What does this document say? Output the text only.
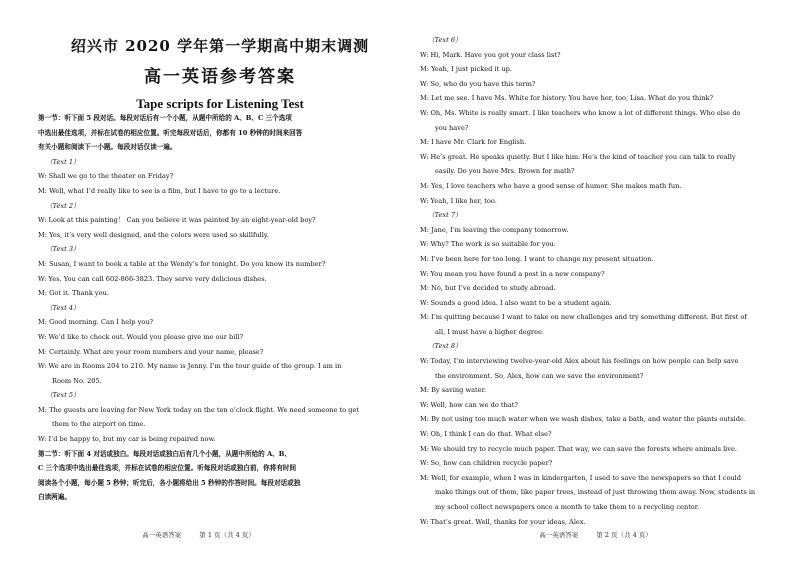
绍兴市 2020 学年第一学期高中期末调测
高一英语参考答案
Tape scripts for Listening Test
第一节：听下面 5 段对话。每段对话后有一个小题，从题中所给的 A、B、C 三个选项
中选出最佳选项，并标在试卷的相应位置。听完每段对话后，你都有 10 秒钟的时间来回答
有关小题和阅读下一小题。每段对话仅读一遍。
（Text 1）
W: Shall we go to the theater on Friday?
M: Well, what I’d really like to see is a film, but I have to go to a lecture.
（Text 2）
W: Look at this painting！ Can you believe it was painted by an eight-year-old boy?
M: Yes, it’s very well designed, and the colors were used so skillfully.
（Text 3）
M: Susan, I want to book a table at the Wendy’s for tonight. Do you know its number?
W: Yes. You can call 602-866-3823. They serve very delicious dishes.
M: Got it. Thank you.
（Text 4）
M: Good morning. Can I help you?
W: We’d like to check out. Would you please give me our bill?
M: Certainly. What are your room numbers and your name, please?
W: We are in Rooms 204 to 210. My name is Jenny. I’m the tour guide of the group. I am in
Room No. 205.
（Text 5）
M: The guests are leaving for New York today on the ten o’clock flight. We need someone to get
them to the airport on time.
W: I’d be happy to, but my car is being repaired now.
第二节：听下面 4 对话或独白。每段对话或独白后有几个小题，从题中所给的 A、B、
C 三个选项中选出最佳选项，并标在试卷的相应位置。听每段对话或独白前，你将有时间
阅读各个小题，每小题 5 秒钟；听完后，各小题将给出 5 秒钟的作答时间。每段对话或独
白读两遍。
高一英语答案	第 1 页（共 4 页）
（Text 6）
W: Hi, Mark. Have you got your class list?
M: Yeah, I just picked it up.
W: So, who do you have this term?
M: Let me see. I have Ms. White for history. You have her, too, Lisa. What do you think?
W: Oh, Ms. White is really smart. I like teachers who know a lot of different things. Who else do
you have?
M: I have Mr. Clark for English.
W: He’s great. He speaks quietly. But I like him. He’s the kind of teacher you can talk to really
easily. Do you have Mrs. Brown for math?
M: Yes, I love teachers who have a good sense of humor. She makes math fun.
W: Yeah, I like her, too.
（Text 7）
M: Jane, I’m leaving the company tomorrow.
W: Why? The work is so suitable for you.
M: I’ve been here for too long. I want to change my present situation.
W: You mean you have found a post in a new company?
M: No, but I’ve decided to study abroad.
W: Sounds a good idea. I also want to be a student again.
M: I’m quitting because I want to take on new challenges and try something different. But first of
all, I must have a higher degree.
（Text 8）
W: Today, I’m interviewing twelve-year-old Alex about his feelings on how people can help save
the environment. So, Alex, how can we save the environment?
M: By saving water.
W: Well, how can we do that?
M: By not using too much water when we wash dishes, take a bath, and water the plants outside.
W: Oh, I think I can do that. What else?
M: We should try to recycle much paper. That way, we can save the forests where animals live.
W: So, how can children recycle paper?
M: Well, for example, when I was in kindergarten, I used to save the newspapers so that I could
make things out of them, like paper trees, instead of just throwing them away. Now, students in
my school collect newspapers once a month to take them to a recycling center.
W: That’s great. Well, thanks for your ideas, Alex.
高一英语答案	第 2 页（共 4 页）
